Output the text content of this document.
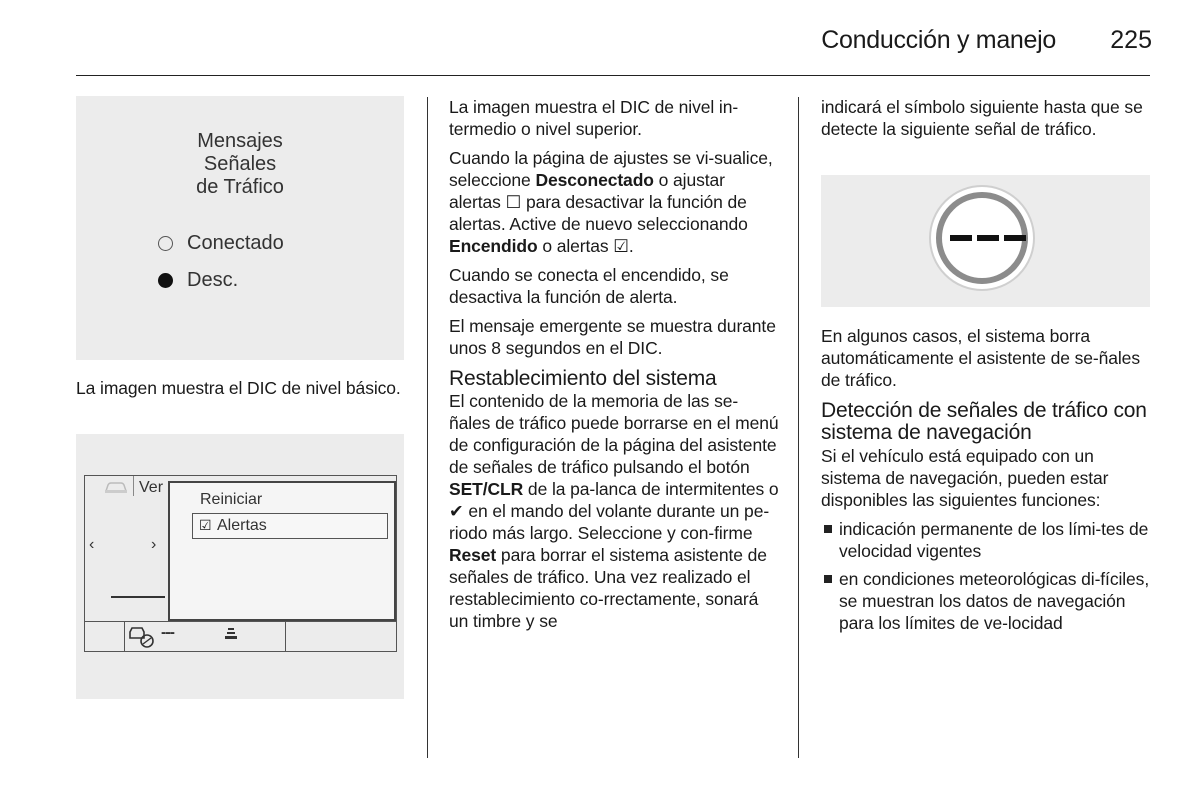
Conducción y manejo	225
Mensajes
Señales
de Tráfico
Conectado
Desc.
La imagen muestra el DIC de nivel básico.
Ver
‹	›
Reiniciar
☑ Alertas
---

La imagen muestra el DIC de nivel in-termedio o nivel superior.

Cuando la página de ajustes se vi-sualice, seleccione Desconectado o ajustar alertas ☐ para desactivar la función de alertas. Active de nuevo seleccionando Encendido o alertas ☑.

Cuando se conecta el encendido, se desactiva la función de alerta.

El mensaje emergente se muestra durante unos 8 segundos en el DIC.

Restablecimiento del sistema

El contenido de la memoria de las se-ñales de tráfico puede borrarse en el menú de configuración de la página del asistente de señales de tráfico pulsando el botón SET/CLR de la pa-lanca de intermitentes o ✔ en el mando del volante durante un pe-riodo más largo. Seleccione y con-firme Reset para borrar el sistema asistente de señales de tráfico. Una vez realizado el restablecimiento co-rrectamente, sonará un timbre y se

indicará el símbolo siguiente hasta que se detecte la siguiente señal de tráfico.

En algunos casos, el sistema borra automáticamente el asistente de se-ñales de tráfico.

Detección de señales de tráfico con sistema de navegación

Si el vehículo está equipado con un sistema de navegación, pueden estar disponibles las siguientes funciones:

indicación permanente de los lími-tes de velocidad vigentes
en condiciones meteorológicas di-fíciles, se muestran los datos de navegación para los límites de ve-locidad
